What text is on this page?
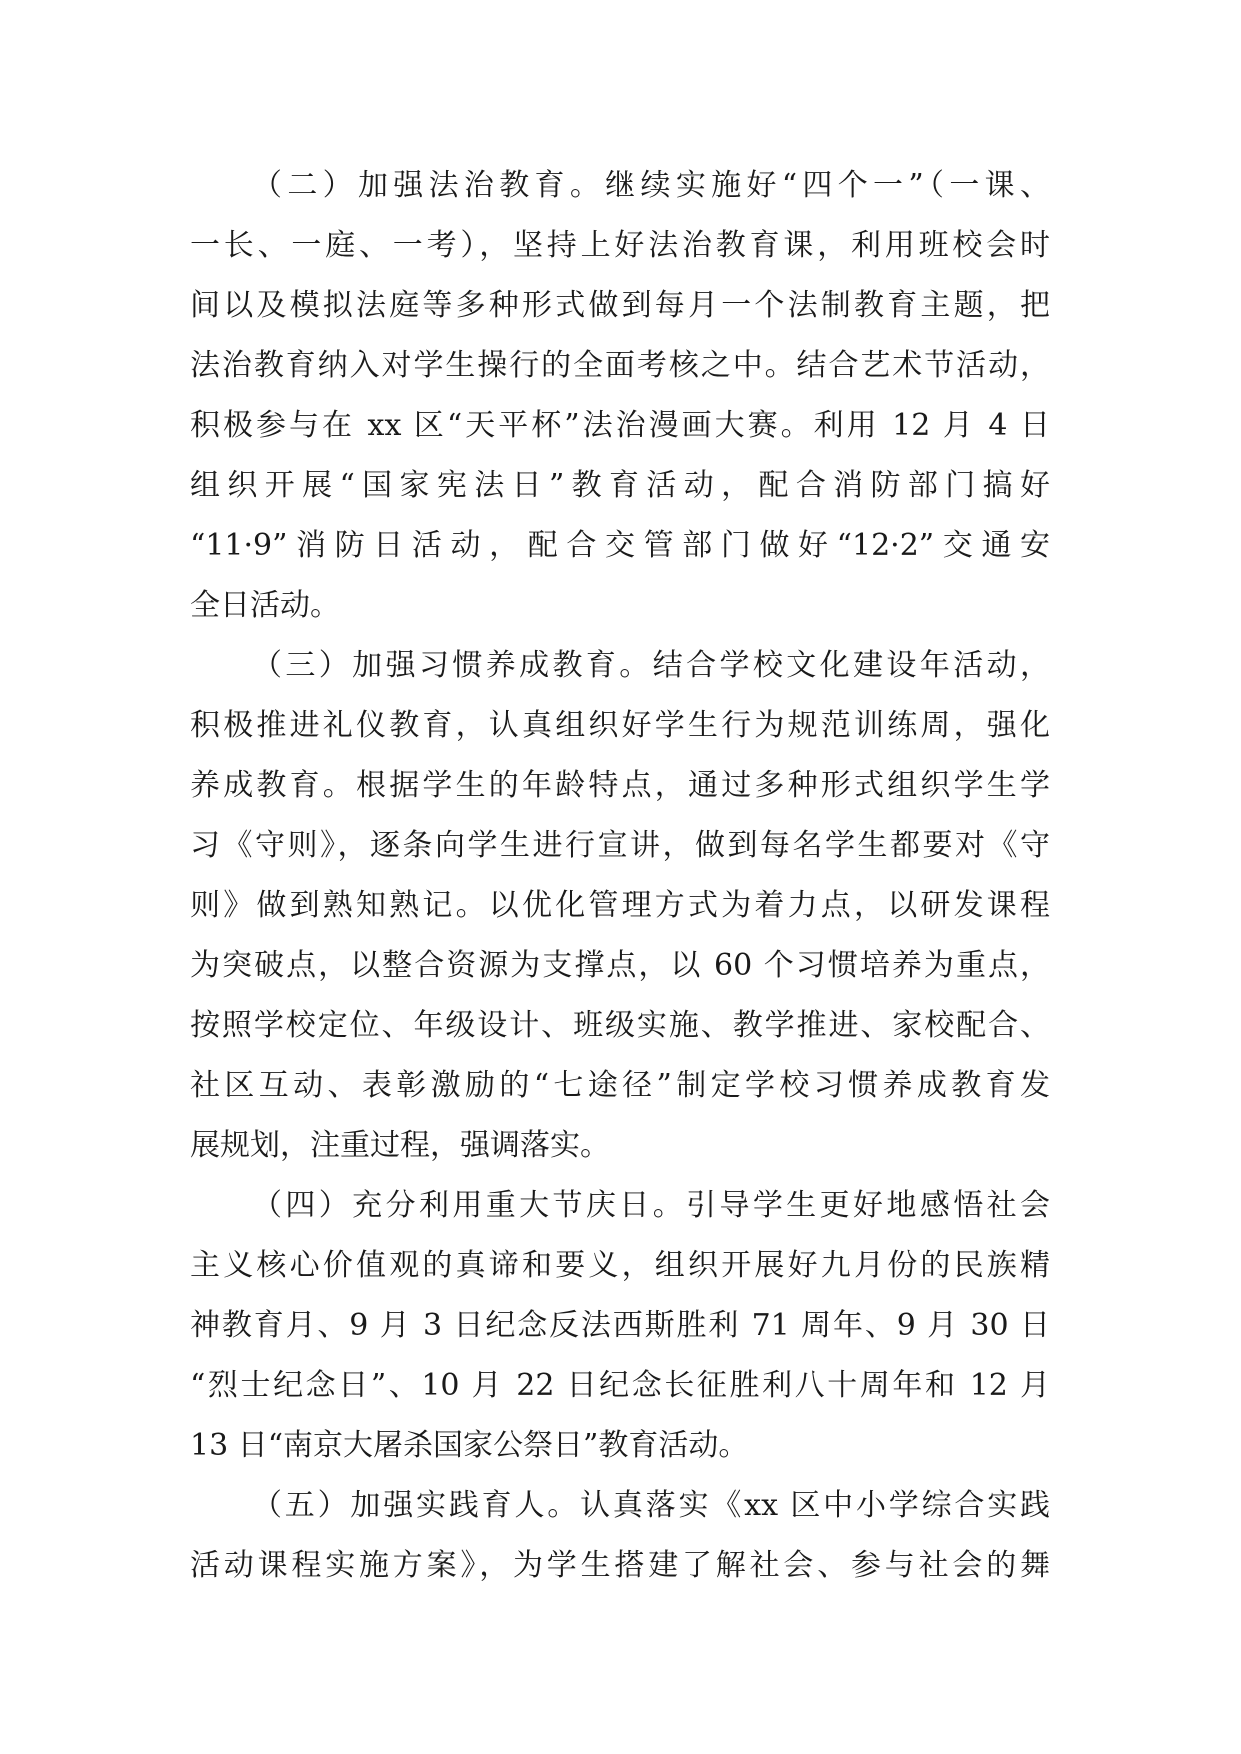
（二）加强法治教育。继续实施好“四个一”（一课、
一长、一庭、一考），坚持上好法治教育课，利用班校会时
间以及模拟法庭等多种形式做到每月一个法制教育主题，把
法治教育纳入对学生操行的全面考核之中。结合艺术节活动，
积极参与在 xx 区“天平杯”法治漫画大赛。利用 12 月 4 日
组织开展“国家宪法日”教育活动，配合消防部门搞好
“11·9”消防日活动，配合交管部门做好“12·2”交通安
全日活动。
（三）加强习惯养成教育。结合学校文化建设年活动，
积极推进礼仪教育，认真组织好学生行为规范训练周，强化
养成教育。根据学生的年龄特点，通过多种形式组织学生学
习《守则》，逐条向学生进行宣讲，做到每名学生都要对《守
则》做到熟知熟记。以优化管理方式为着力点，以研发课程
为突破点，以整合资源为支撑点，以 60 个习惯培养为重点，
按照学校定位、年级设计、班级实施、教学推进、家校配合、
社区互动、表彰激励的“七途径”制定学校习惯养成教育发
展规划，注重过程，强调落实。
（四）充分利用重大节庆日。引导学生更好地感悟社会
主义核心价值观的真谛和要义，组织开展好九月份的民族精
神教育月、9 月 3 日纪念反法西斯胜利 71 周年、9 月 30 日
“烈士纪念日”、10 月 22 日纪念长征胜利八十周年和 12 月
13 日“南京大屠杀国家公祭日”教育活动。
（五）加强实践育人。认真落实《xx 区中小学综合实践
活动课程实施方案》，为学生搭建了解社会、参与社会的舞
